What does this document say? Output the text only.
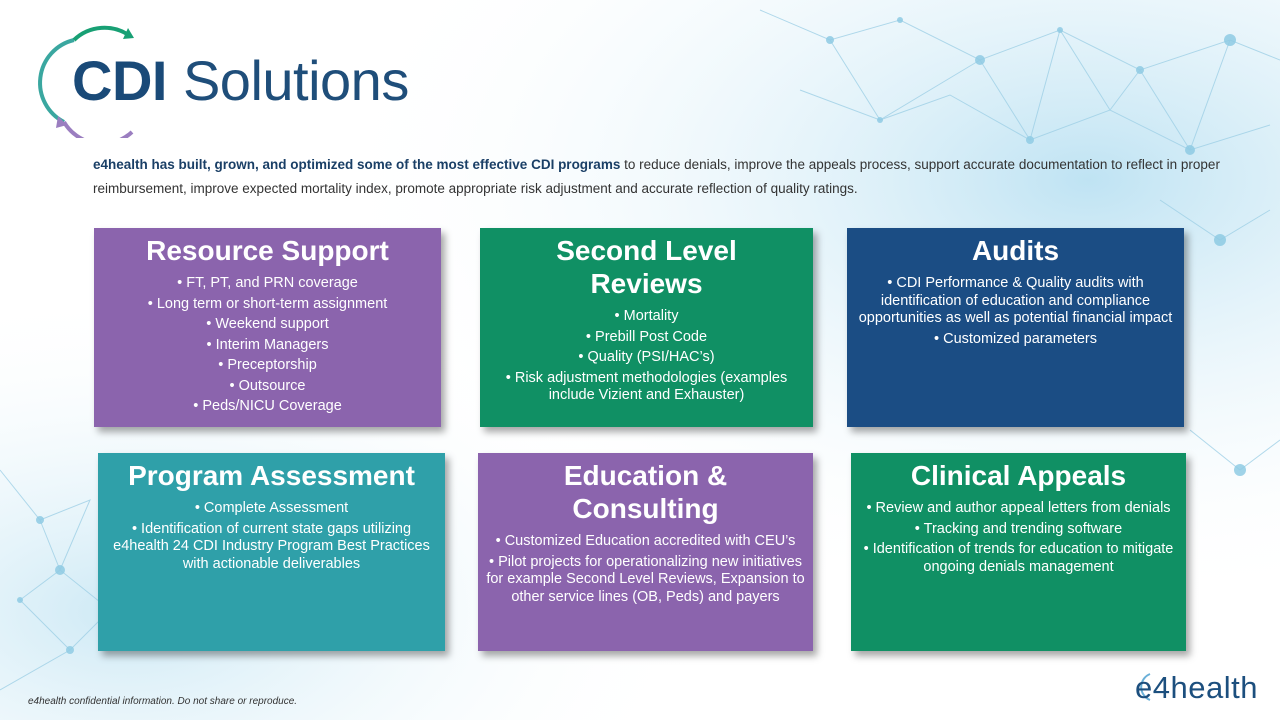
CDI Solutions
e4health has built, grown, and optimized some of the most effective CDI programs to reduce denials, improve the appeals process, support accurate documentation to reflect in proper reimbursement, improve expected mortality index, promote appropriate risk adjustment and accurate reflection of quality ratings.
Resource Support
• FT, PT, and PRN coverage
• Long term or short-term assignment
• Weekend support
• Interim Managers
• Preceptorship
• Outsource
• Peds/NICU Coverage
Second Level Reviews
• Mortality
• Prebill Post Code
• Quality (PSI/HAC’s)
• Risk adjustment methodologies (examples include Vizient and Exhauster)
Audits
• CDI Performance & Quality audits with identification of education and compliance opportunities as well as potential financial impact
• Customized parameters
Program Assessment
• Complete Assessment
• Identification of current state gaps utilizing e4health 24 CDI Industry Program Best Practices with actionable deliverables
Education & Consulting
• Customized Education accredited with CEU’s
• Pilot projects for operationalizing new initiatives for example Second Level Reviews, Expansion to other service lines (OB, Peds) and payers
Clinical Appeals
• Review and author appeal letters from denials
• Tracking and trending software
• Identification of trends for education to mitigate ongoing denials management
e4health confidential information. Do not share or reproduce.	e4health
